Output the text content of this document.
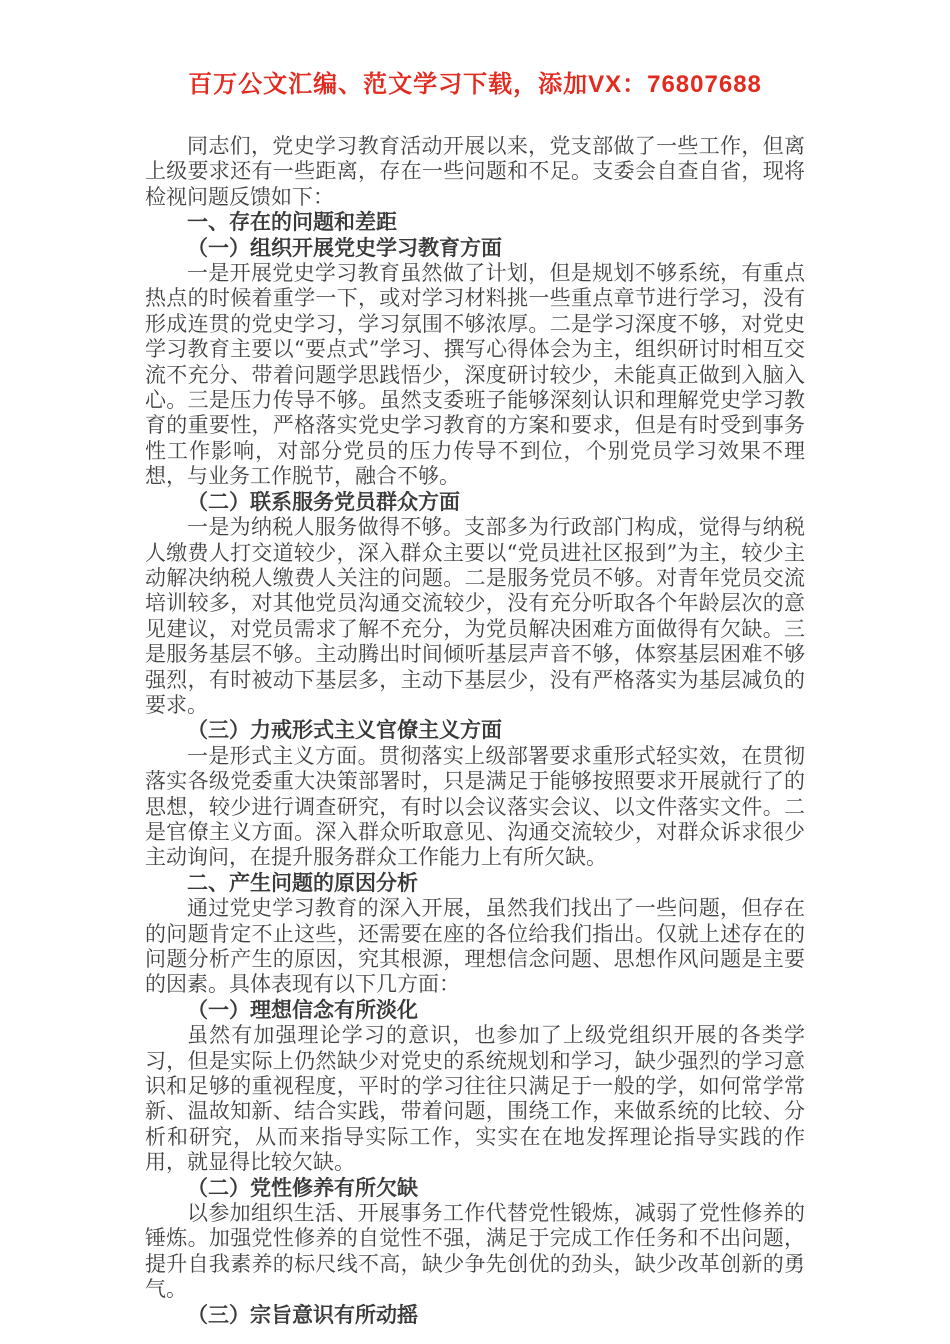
百万公文汇编、范文学习下载，添加VX：76807688

同志们，党史学习教育活动开展以来，党支部做了一些工作，但离上级要求还有一些距离，存在一些问题和不足。支委会自查自省，现将检视问题反馈如下：

一、存在的问题和差距

（一）组织开展党史学习教育方面

一是开展党史学习教育虽然做了计划，但是规划不够系统，有重点热点的时候着重学一下，或对学习材料挑一些重点章节进行学习，没有形成连贯的党史学习，学习氛围不够浓厚。二是学习深度不够，对党史学习教育主要以“要点式”学习、撰写心得体会为主，组织研讨时相互交流不充分、带着问题学思践悟少，深度研讨较少，未能真正做到入脑入心。三是压力传导不够。虽然支委班子能够深刻认识和理解党史学习教育的重要性，严格落实党史学习教育的方案和要求，但是有时受到事务性工作影响，对部分党员的压力传导不到位，个别党员学习效果不理想，与业务工作脱节，融合不够。

（二）联系服务党员群众方面

一是为纳税人服务做得不够。支部多为行政部门构成，觉得与纳税人缴费人打交道较少，深入群众主要以“党员进社区报到”为主，较少主动解决纳税人缴费人关注的问题。二是服务党员不够。对青年党员交流培训较多，对其他党员沟通交流较少，没有充分听取各个年龄层次的意见建议，对党员需求了解不充分，为党员解决困难方面做得有欠缺。三是服务基层不够。主动腾出时间倾听基层声音不够，体察基层困难不够强烈，有时被动下基层多，主动下基层少，没有严格落实为基层减负的要求。

（三）力戒形式主义官僚主义方面

一是形式主义方面。贯彻落实上级部署要求重形式轻实效，在贯彻落实各级党委重大决策部署时，只是满足于能够按照要求开展就行了的思想，较少进行调查研究，有时以会议落实会议、以文件落实文件。二是官僚主义方面。深入群众听取意见、沟通交流较少，对群众诉求很少主动询问，在提升服务群众工作能力上有所欠缺。

二、产生问题的原因分析

通过党史学习教育的深入开展，虽然我们找出了一些问题，但存在的问题肯定不止这些，还需要在座的各位给我们指出。仅就上述存在的问题分析产生的原因，究其根源，理想信念问题、思想作风问题是主要的因素。具体表现有以下几方面：

（一）理想信念有所淡化

虽然有加强理论学习的意识，也参加了上级党组织开展的各类学习，但是实际上仍然缺少对党史的系统规划和学习，缺少强烈的学习意识和足够的重视程度，平时的学习往往只满足于一般的学，如何常学常新、温故知新、结合实践，带着问题，围绕工作，来做系统的比较、分析和研究，从而来指导实际工作，实实在在地发挥理论指导实践的作用，就显得比较欠缺。

（二）党性修养有所欠缺

以参加组织生活、开展事务工作代替党性锻炼，减弱了党性修养的锤炼。加强党性修养的自觉性不强，满足于完成工作任务和不出问题，提升自我素养的标尺线不高，缺少争先创优的劲头，缺少改革创新的勇气。

（三）宗旨意识有所动摇
